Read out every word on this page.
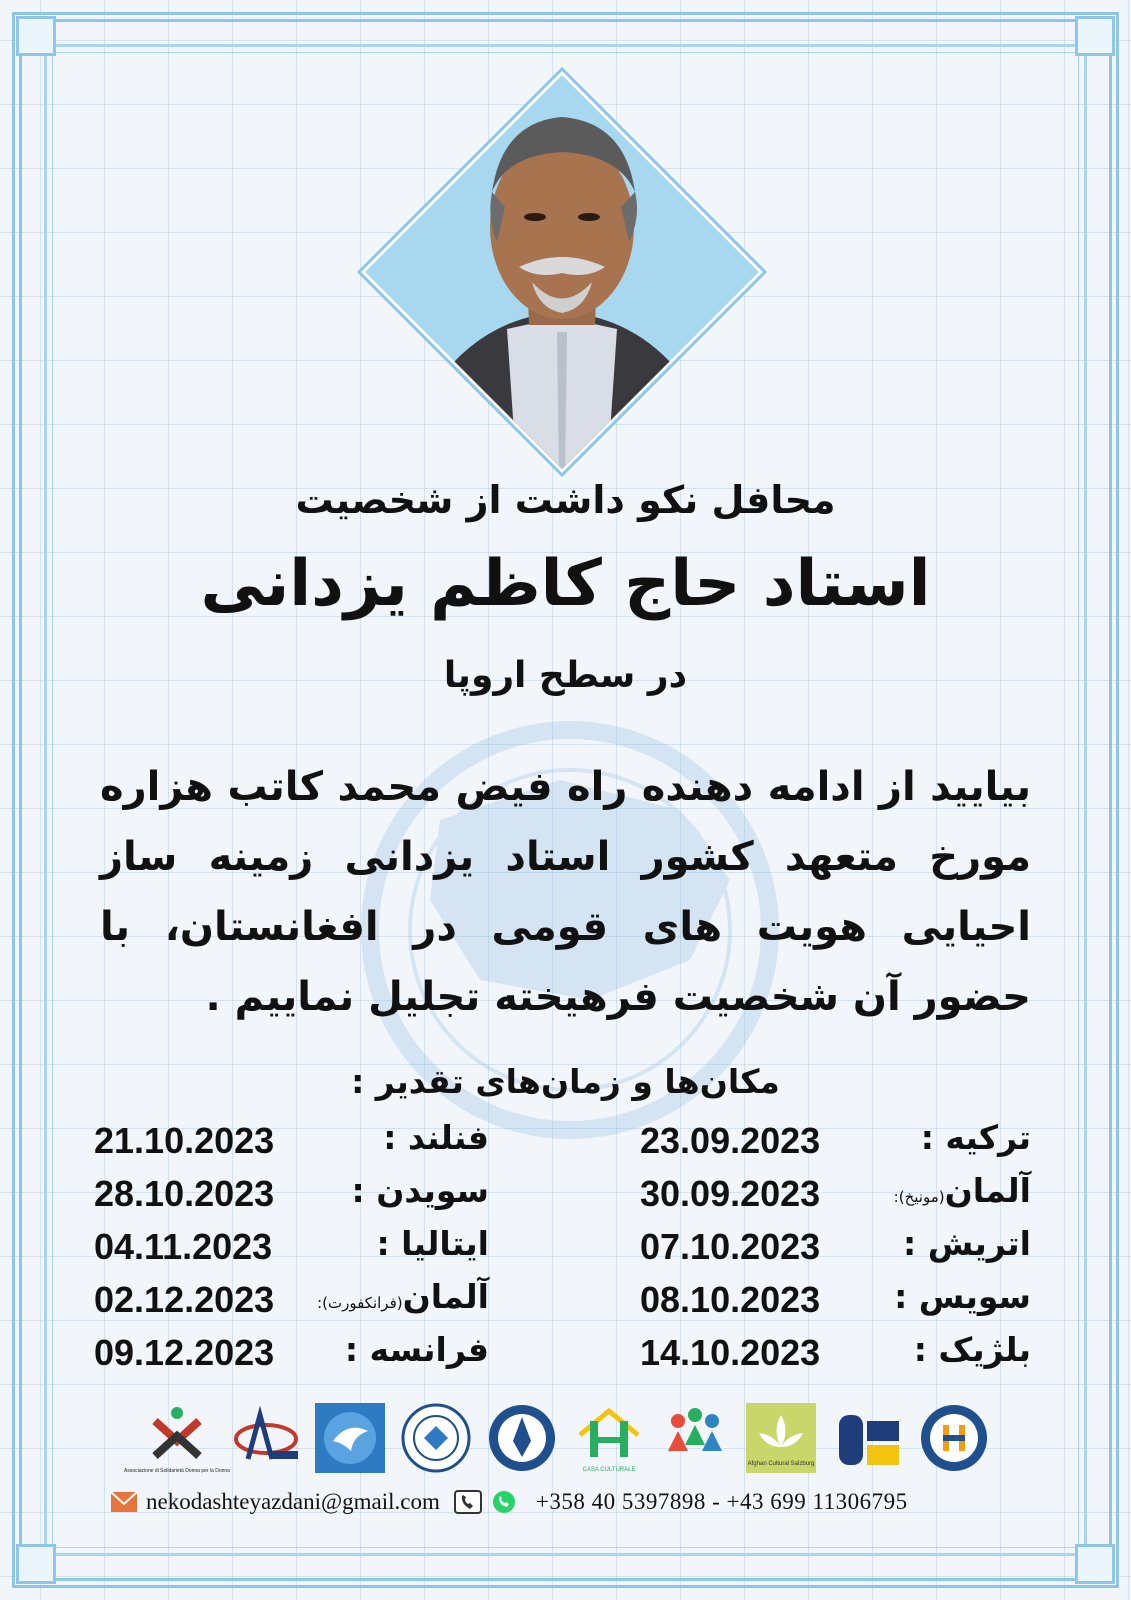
محافل نکو داشت از شخصیت
استاد حاج کاظم یزدانی
در سطح اروپا
بیایید از ادامه دهنده راه فیض محمد کاتب هزاره مورخ متعهد کشور استاد یزدانی زمینه ساز احیایی هویت های قومی در افغانستان، با حضور آن شخصیت فرهیخته تجلیل نماییم .
مکان‌ها و زمان‌های تقدیر :
ترکیه :
23.09.2023
آلمان(مونیخ):
30.09.2023
اتریش :
07.10.2023
سویس :
08.10.2023
بلژیک :
14.10.2023
فنلند :
21.10.2023
سویدن :
28.10.2023
ایتالیا :
04.11.2023
آلمان(فرانکفورت):
02.12.2023
فرانسه :
09.12.2023
Associazione di Solidarietà Donna per la Donna	CASA CULTURALE
Afghan Cultural Salzburg
nekodashteyazdani@gmail.com	+358 40 5397898 - +43 699 11306795
